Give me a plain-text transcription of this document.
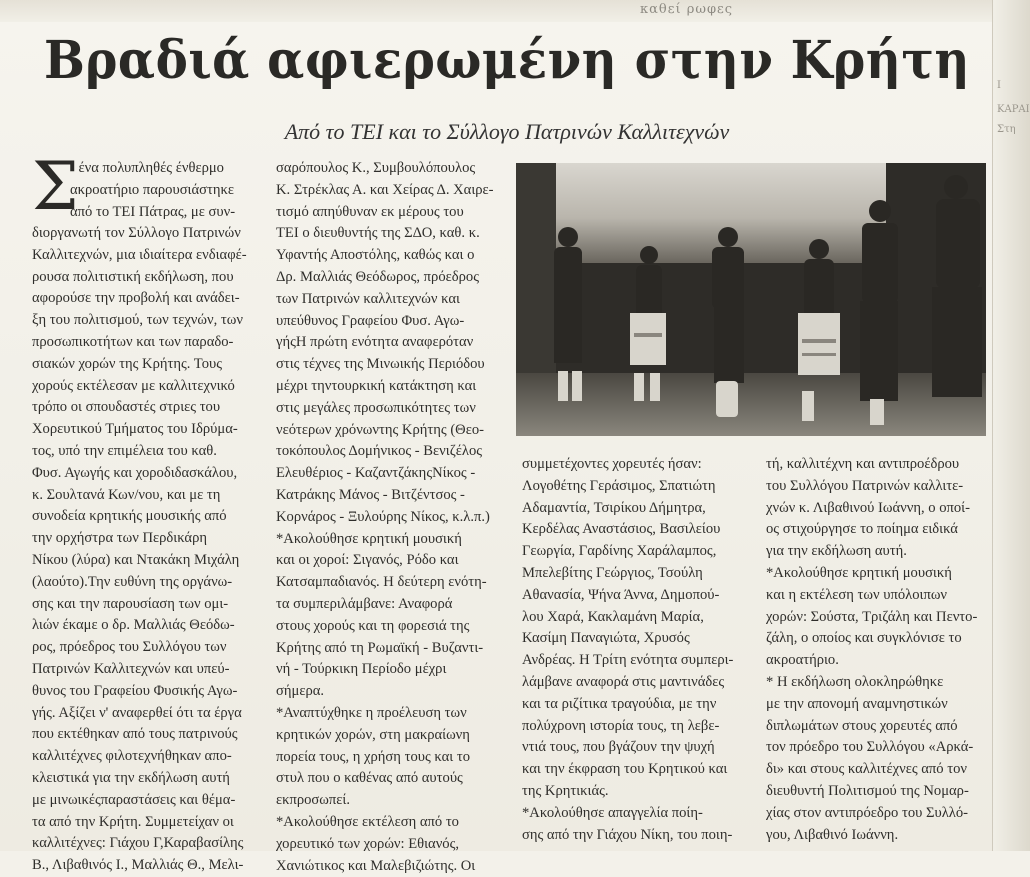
καθεί ρωφες
Ι
ΚΑΡΑΙ
Στη
Βραδιά αφιερωμένη στην Κρήτη
Από το ΤΕΙ και το Σύλλογο Πατρινών Καλλιτεχνών
Σ

΄ ένα πολυπληθές ένθερμο

ακροατήριο παρουσιάστηκε

από το ΤΕΙ Πάτρας, με συν-

διοργανωτή τον Σύλλογο Πατρινών

Καλλιτεχνών, μια ιδιαίτερα ενδιαφέ-

ρουσα πολιτιστική εκδήλωση, που

αφορούσε την προβολή και ανάδει-

ξη του πολιτισμού, των τεχνών, των

προσωπικοτήτων και των παραδο-

σιακών χορών της Κρήτης. Τους

χορούς εκτέλεσαν με καλλιτεχνικό

τρόπο οι σπουδαστές στριες του

Χορευτικού Τμήματος του Ιδρύμα-

τος, υπό την επιμέλεια του καθ.

Φυσ. Αγωγής και χοροδιδασκάλου,

κ. Σουλτανά Κων/νου, και με τη

συνοδεία κρητικής μουσικής από

την ορχήστρα των Περδικάρη

Νίκου (λύρα) και Ντακάκη Μιχάλη

(λαούτο).Την ευθύνη της οργάνω-

σης και την παρουσίαση των ομι-

λιών έκαμε ο δρ. Μαλλιάς Θεόδω-

ρος, πρόεδρος του Συλλόγου των

Πατρινών Καλλιτεχνών και υπεύ-

θυνος του Γραφείου Φυσικής Αγω-

γής. Αξίζει ν' αναφερθεί ότι τα έργα

που εκτέθηκαν από τους πατρινούς

καλλιτέχνες φιλοτεχνήθηκαν απο-

κλειστικά για την εκδήλωση αυτή

με μινωικέςπαραστάσεις και θέμα-

τα από την Κρήτη. Συμμετείχαν οι

καλλιτέχνες: Γιάχου Γ,Καραβασίλης

Β., Λιβαθινός Ι., Μαλλιάς Θ., Μελι-

σαρόπουλος Κ., Συμβουλόπουλος

Κ. Στρέκλας Α. και Χείρας Δ. Χαιρε-

τισμό απηύθυναν εκ μέρους του

ΤΕΙ ο διευθυντής της ΣΔΟ, καθ. κ.

Υφαντής Αποστόλης, καθώς και ο

Δρ. Μαλλιάς Θεόδωρος, πρόεδρος

των Πατρινών καλλιτεχνών και

υπεύθυνος Γραφείου Φυσ. Αγω-

γήςΗ πρώτη ενότητα αναφερόταν

στις τέχνες της Μινωικής Περιόδου

μέχρι τηντουρκική κατάκτηση και

στις μεγάλες προσωπικότητες των

νεότερων χρόνωντης Κρήτης (Θεο-

τοκόπουλος Δομήνικος - Βενιζέλος

Ελευθέριος - ΚαζαντζάκηςΝίκος -

Κατράκης Μάνος - Βιτζέντσος -

Κορνάρος - Ξυλούρης Νίκος, κ.λ.π.)

*Ακολούθησε κρητική μουσική

και οι χοροί: Σιγανός, Ρόδο και

Κατσαμπαδιανός. Η δεύτερη ενότη-

τα συμπεριλάμβανε: Αναφορά

στους χορούς και τη φορεσιά της

Κρήτης από τη Ρωμαϊκή - Βυζαντι-

νή - Τούρκικη Περίοδο μέχρι

σήμερα.

*Αναπτύχθηκε η προέλευση των

κρητικών χορών, στη μακραίωνη

πορεία τους, η χρήση τους και το

στυλ που ο καθένας από αυτούς

εκπροσωπεί.

*Ακολούθησε εκτέλεση από το

χορευτικό των χορών: Εθιανός,

Χανιώτικος και Μαλεβιζιώτης. Οι

συμμετέχοντες χορευτές ήσαν:

Λογοθέτης Γεράσιμος, Σπατιώτη

Αδαμαντία, Τσιρίκου Δήμητρα,

Κερδέλας Αναστάσιος, Βασιλείου

Γεωργία, Γαρδίνης Χαράλαμπος,

Μπελεβίτης Γεώργιος, Τσούλη

Αθανασία, Ψήνα Άννα, Δημοπού-

λου Χαρά, Κακλαμάνη Μαρία,

Κασίμη Παναγιώτα, Χρυσός

Ανδρέας. Η Τρίτη ενότητα συμπερι-

λάμβανε αναφορά στις μαντινάδες

και τα ριζίτικα τραγούδια, με την

πολύχρονη ιστορία τους, τη λεβε-

ντιά τους, που βγάζουν την ψυχή

και την έκφραση του Κρητικού και

της Κρητικιάς.

*Ακολούθησε απαγγελία ποίη-

σης από την Γιάχου Νίκη, του ποιη-

τή, καλλιτέχνη και αντιπροέδρου

του Συλλόγου Πατρινών καλλιτε-

χνών κ. Λιβαθινού Ιωάννη, ο οποί-

ος στιχούργησε το ποίημα ειδικά

για την εκδήλωση αυτή.

*Ακολούθησε κρητική μουσική

και η εκτέλεση των υπόλοιπων

χορών: Σούστα, Τριζάλη και Πεντο-

ζάλη, ο οποίος και συγκλόνισε το

ακροατήριο.

* Η εκδήλωση ολοκληρώθηκε

με την απονομή αναμνηστικών

διπλωμάτων στους χορευτές από

τον πρόεδρο του Συλλόγου «Αρκά-

δι» και στους καλλιτέχνες από τον

διευθυντή Πολιτισμού της Νομαρ-

χίας στον αντιπρόεδρο του Συλλό-

γου, Λιβαθινό Ιωάννη.
